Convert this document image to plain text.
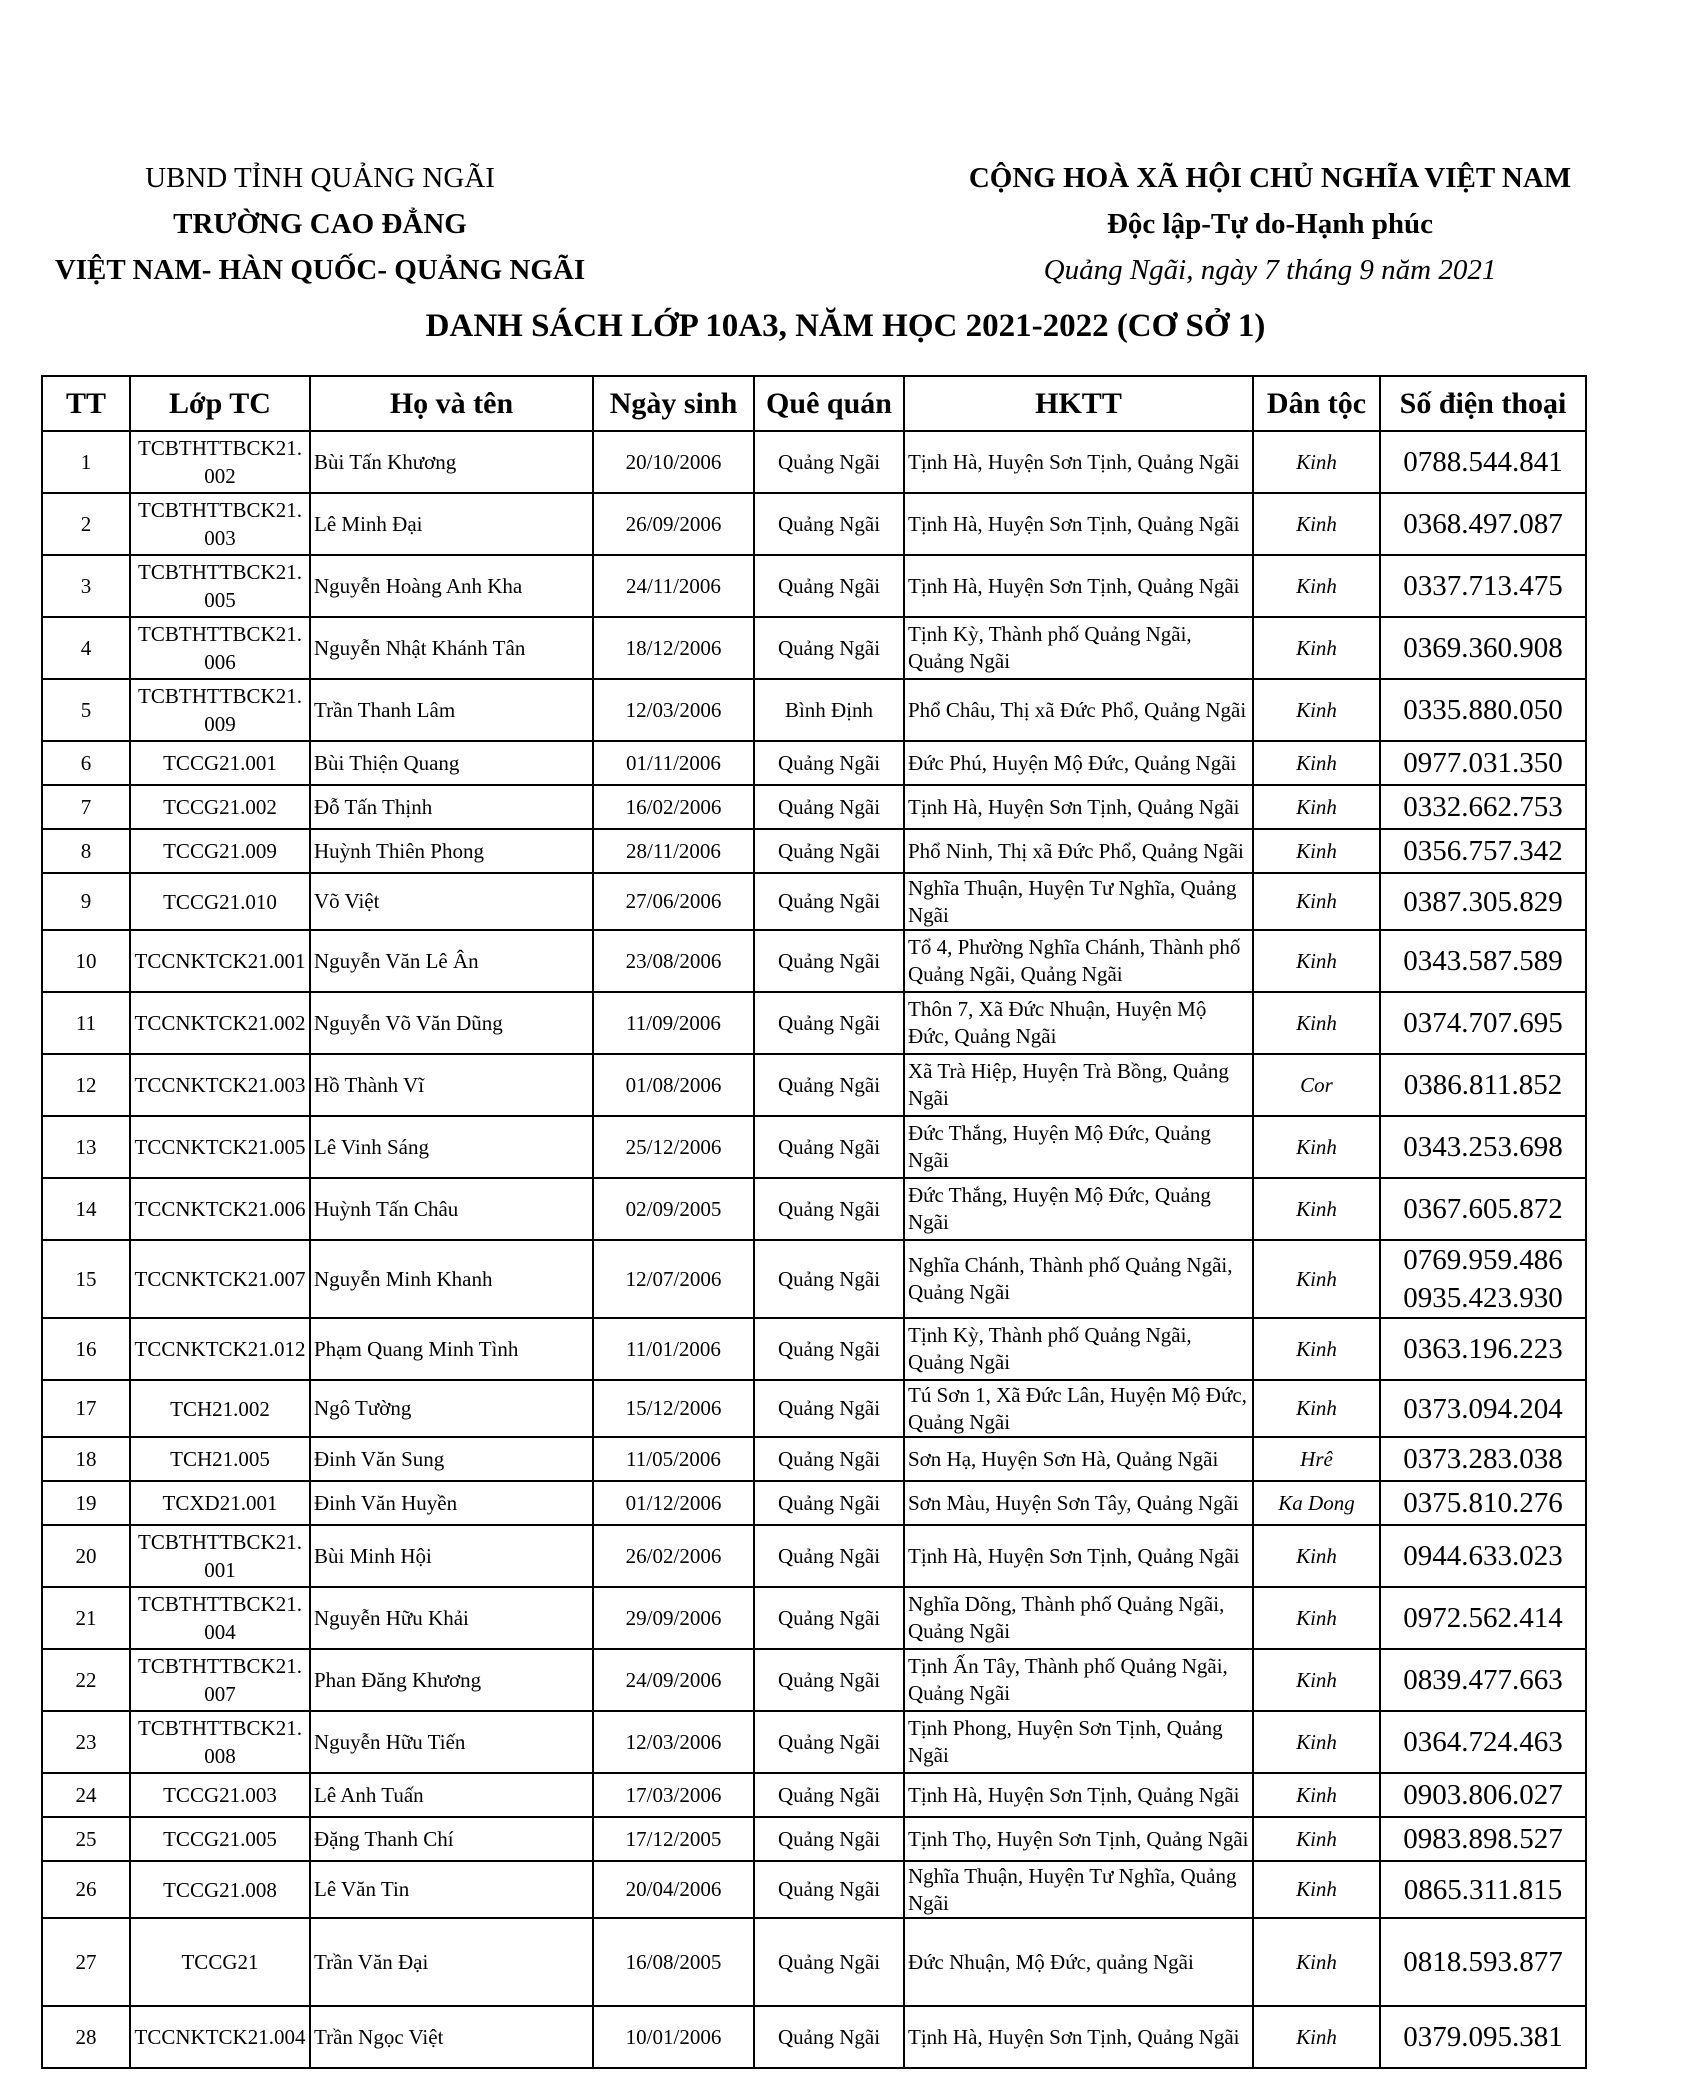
UBND TỈNH QUẢNG NGÃI
TRƯỜNG CAO ĐẲNG
VIỆT NAM- HÀN QUỐC- QUẢNG NGÃI
CỘNG HOÀ XÃ HỘI CHỦ NGHĨA VIỆT NAM
Độc lập-Tự do-Hạnh phúc
Quảng Ngãi, ngày 7 tháng 9 năm 2021
DANH SÁCH LỚP 10A3, NĂM HỌC 2021-2022 (CƠ SỞ 1)
TT	Lớp TC	Họ và tên	Ngày sinh	Quê quán	HKTT	Dân tộc	Số điện thoại
1	TCBTHTTBCK21.002	Bùi Tấn Khương	20/10/2006	Quảng Ngãi	Tịnh Hà, Huyện Sơn Tịnh, Quảng Ngãi	Kinh	0788.544.841
2	TCBTHTTBCK21.003	Lê Minh Đại	26/09/2006	Quảng Ngãi	Tịnh Hà, Huyện Sơn Tịnh, Quảng Ngãi	Kinh	0368.497.087
3	TCBTHTTBCK21.005	Nguyễn Hoàng Anh Kha	24/11/2006	Quảng Ngãi	Tịnh Hà, Huyện Sơn Tịnh, Quảng Ngãi	Kinh	0337.713.475
4	TCBTHTTBCK21.006	Nguyễn Nhật Khánh Tân	18/12/2006	Quảng Ngãi	Tịnh Kỳ, Thành phố Quảng Ngãi, Quảng Ngãi	Kinh	0369.360.908
5	TCBTHTTBCK21.009	Trần Thanh Lâm	12/03/2006	Bình Định	Phổ Châu, Thị xã Đức Phổ, Quảng Ngãi	Kinh	0335.880.050
6	TCCG21.001	Bùi Thiện Quang	01/11/2006	Quảng Ngãi	Đức Phú, Huyện Mộ Đức, Quảng Ngãi	Kinh	0977.031.350
7	TCCG21.002	Đỗ Tấn Thịnh	16/02/2006	Quảng Ngãi	Tịnh Hà, Huyện Sơn Tịnh, Quảng Ngãi	Kinh	0332.662.753
8	TCCG21.009	Huỳnh Thiên Phong	28/11/2006	Quảng Ngãi	Phổ Ninh, Thị xã Đức Phổ, Quảng Ngãi	Kinh	0356.757.342
9	TCCG21.010	Võ Việt	27/06/2006	Quảng Ngãi	Nghĩa Thuận, Huyện Tư Nghĩa, Quảng Ngãi	Kinh	0387.305.829
10	TCCNKTCK21.001	Nguyễn Văn Lê Ân	23/08/2006	Quảng Ngãi	Tổ 4, Phường Nghĩa Chánh, Thành phố Quảng Ngãi, Quảng Ngãi	Kinh	0343.587.589
11	TCCNKTCK21.002	Nguyễn Võ Văn Dũng	11/09/2006	Quảng Ngãi	Thôn 7, Xã Đức Nhuận, Huyện Mộ Đức, Quảng Ngãi	Kinh	0374.707.695
12	TCCNKTCK21.003	Hồ Thành Vĩ	01/08/2006	Quảng Ngãi	Xã Trà Hiệp, Huyện Trà Bồng, Quảng Ngãi	Cor	0386.811.852
13	TCCNKTCK21.005	Lê Vinh Sáng	25/12/2006	Quảng Ngãi	Đức Thắng, Huyện Mộ Đức, Quảng Ngãi	Kinh	0343.253.698
14	TCCNKTCK21.006	Huỳnh Tấn Châu	02/09/2005	Quảng Ngãi	Đức Thắng, Huyện Mộ Đức, Quảng Ngãi	Kinh	0367.605.872
15	TCCNKTCK21.007	Nguyễn Minh Khanh	12/07/2006	Quảng Ngãi	Nghĩa Chánh, Thành phố Quảng Ngãi, Quảng Ngãi	Kinh	0769.959.486
0935.423.930

16	TCCNKTCK21.012	Phạm Quang Minh Tình	11/01/2006	Quảng Ngãi	Tịnh Kỳ, Thành phố Quảng Ngãi, Quảng Ngãi	Kinh	0363.196.223
17	TCH21.002	Ngô Tường	15/12/2006	Quảng Ngãi	Tú Sơn 1, Xã Đức Lân, Huyện Mộ Đức, Quảng Ngãi	Kinh	0373.094.204
18	TCH21.005	Đinh Văn Sung	11/05/2006	Quảng Ngãi	Sơn Hạ, Huyện Sơn Hà, Quảng Ngãi	Hrê	0373.283.038
19	TCXD21.001	Đinh Văn Huyền	01/12/2006	Quảng Ngãi	Sơn Màu, Huyện Sơn Tây, Quảng Ngãi	Ka Dong	0375.810.276
20	TCBTHTTBCK21.001	Bùi Minh Hội	26/02/2006	Quảng Ngãi	Tịnh Hà, Huyện Sơn Tịnh, Quảng Ngãi	Kinh	0944.633.023
21	TCBTHTTBCK21.004	Nguyễn Hữu Khải	29/09/2006	Quảng Ngãi	Nghĩa Dõng, Thành phố Quảng Ngãi, Quảng Ngãi	Kinh	0972.562.414
22	TCBTHTTBCK21.007	Phan Đăng Khương	24/09/2006	Quảng Ngãi	Tịnh Ấn Tây, Thành phố Quảng Ngãi, Quảng Ngãi	Kinh	0839.477.663
23	TCBTHTTBCK21.008	Nguyễn Hữu Tiến	12/03/2006	Quảng Ngãi	Tịnh Phong, Huyện Sơn Tịnh, Quảng Ngãi	Kinh	0364.724.463
24	TCCG21.003	Lê Anh Tuấn	17/03/2006	Quảng Ngãi	Tịnh Hà, Huyện Sơn Tịnh, Quảng Ngãi	Kinh	0903.806.027
25	TCCG21.005	Đặng Thanh Chí	17/12/2005	Quảng Ngãi	Tịnh Thọ, Huyện Sơn Tịnh, Quảng Ngãi	Kinh	0983.898.527
26	TCCG21.008	Lê Văn Tin	20/04/2006	Quảng Ngãi	Nghĩa Thuận, Huyện Tư Nghĩa, Quảng Ngãi	Kinh	0865.311.815
27	TCCG21	Trần Văn Đại	16/08/2005	Quảng Ngãi	Đức Nhuận, Mộ Đức, quảng Ngãi	Kinh	0818.593.877
28	TCCNKTCK21.004	Trần Ngọc Việt	10/01/2006	Quảng Ngãi	Tịnh Hà, Huyện Sơn Tịnh, Quảng Ngãi	Kinh	0379.095.381
